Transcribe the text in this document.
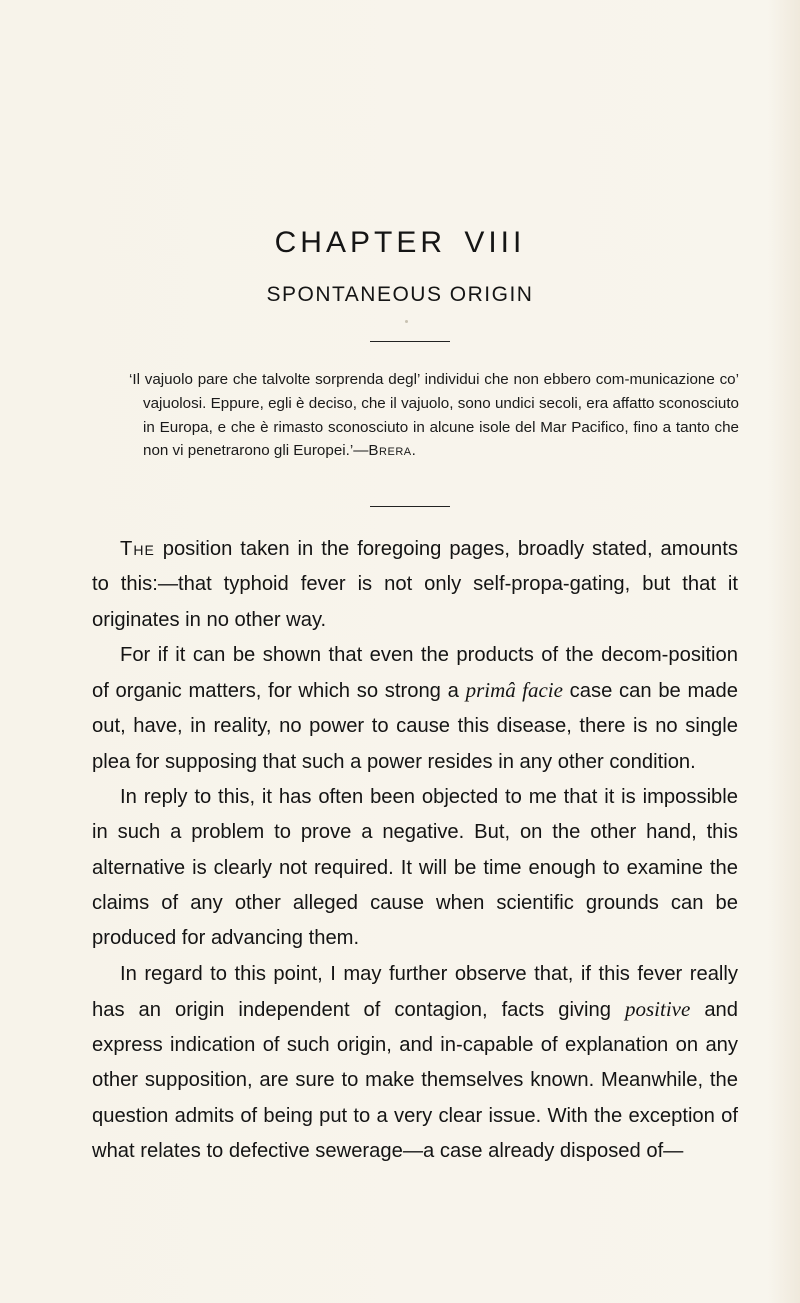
CHAPTER VIII
SPONTANEOUS ORIGIN

‘Il vajuolo pare che talvolte sorprenda degl’ individui che non ebbero com-municazione co’ vajuolosi. Eppure, egli è deciso, che il vajuolo, sono undici secoli, era affatto sconosciuto in Europa, e che è rimasto sconosciuto in alcune isole del Mar Pacifico, fino a tanto che non vi penetrarono gli Europei.’—Brera.

The position taken in the foregoing pages, broadly stated, amounts to this:—that typhoid fever is not only self-propa-gating, but that it originates in no other way.

For if it can be shown that even the products of the decom-position of organic matters, for which so strong a primâ facie case can be made out, have, in reality, no power to cause this disease, there is no single plea for supposing that such a power resides in any other condition.

In reply to this, it has often been objected to me that it is impossible in such a problem to prove a negative. But, on the other hand, this alternative is clearly not required. It will be time enough to examine the claims of any other alleged cause when scientific grounds can be produced for advancing them.

In regard to this point, I may further observe that, if this fever really has an origin independent of contagion, facts giving positive and express indication of such origin, and in-capable of explanation on any other supposition, are sure to make themselves known. Meanwhile, the question admits of being put to a very clear issue. With the exception of what relates to defective sewerage—a case already disposed of—
